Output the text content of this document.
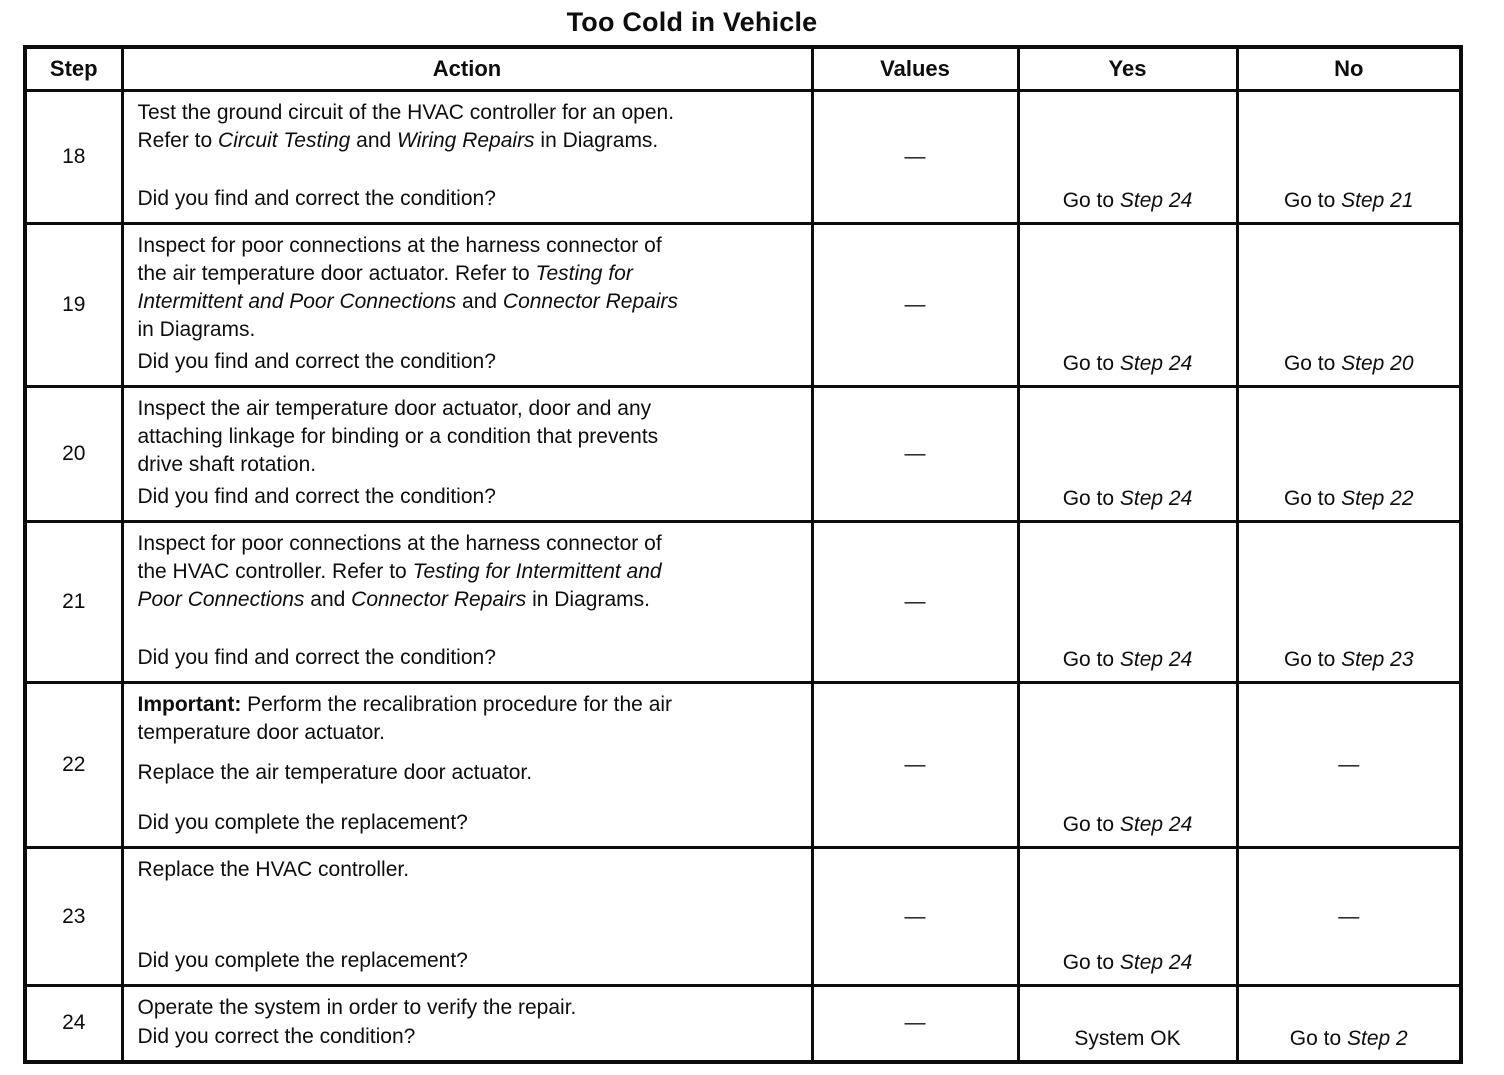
Too Cold in Vehicle
Step	Action	Values	Yes	No
18	Test the ground circuit of the HVAC controller for an open.
Refer to Circuit Testing and Wiring Repairs in Diagrams.

Did you find and correct the condition?	—	Go to Step 24	Go to Step 21

19	Inspect for poor connections at the harness connector of
the air temperature door actuator. Refer to Testing for
Intermittent and Poor Connections and Connector Repairs
in Diagrams.

Did you find and correct the condition?	—	Go to Step 24	Go to Step 20

20	Inspect the air temperature door actuator, door and any
attaching linkage for binding or a condition that prevents
drive shaft rotation.

Did you find and correct the condition?	—	Go to Step 24	Go to Step 22

21	Inspect for poor connections at the harness connector of
the HVAC controller. Refer to Testing for Intermittent and
Poor Connections and Connector Repairs in Diagrams.

Did you find and correct the condition?	—	Go to Step 24	Go to Step 23

22	Important: Perform the recalibration procedure for the air
temperature door actuator.

Replace the air temperature door actuator.

Did you complete the replacement?	—	Go to Step 24	—
23	Replace the HVAC controller.

Did you complete the replacement?	—	Go to Step 24	—
24	Operate the system in order to verify the repair.

Did you correct the condition?	—	System OK	Go to Step 2
